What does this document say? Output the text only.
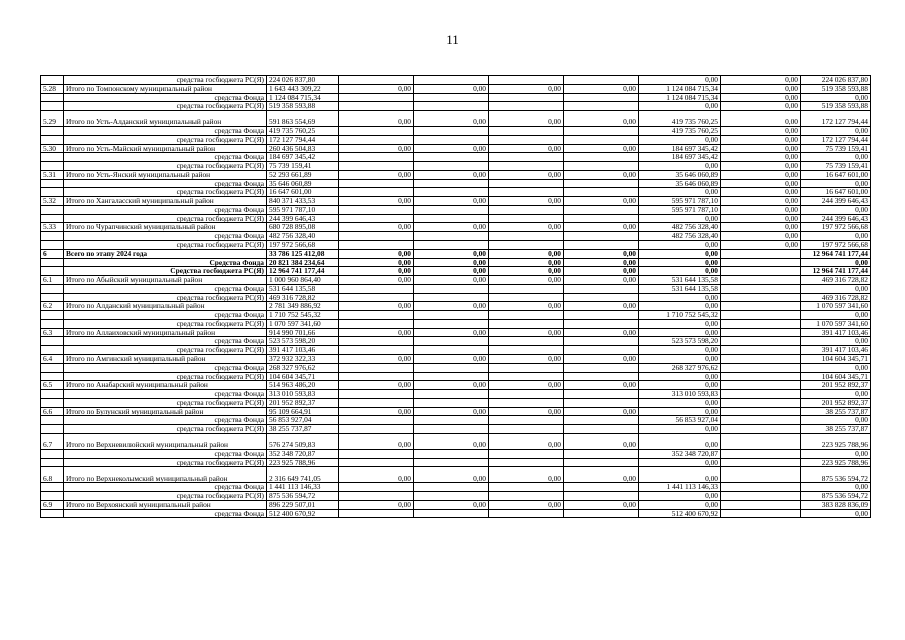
11
	средства госбюджета РС(Я)	224 026 837,80					0,00	0,00	224 026 837,80
5.28	Итого по Томпонскому муниципальный район	1 643 443 309,22	0,00	0,00	0,00	0,00	1 124 084 715,34	0,00	519 358 593,88
	средства Фонда	1 124 084 715,34					1 124 084 715,34	0,00	0,00
	средства госбюджета РС(Я)	519 358 593,88					0,00	0,00	519 358 593,88
5.29	Итого по Усть-Алданский муниципальный район	591 863 554,69	0,00	0,00	0,00	0,00	419 735 760,25	0,00	172 127 794,44
	средства Фонда	419 735 760,25					419 735 760,25	0,00	0,00
	средства госбюджета РС(Я)	172 127 794,44					0,00	0,00	172 127 794,44
5.30	Итого по Усть-Майский муниципальный район	260 436 504,83	0,00	0,00	0,00	0,00	184 697 345,42	0,00	75 739 159,41
	средства Фонда	184 697 345,42					184 697 345,42	0,00	0,00
	средства госбюджета РС(Я)	75 739 159,41					0,00	0,00	75 739 159,41
5.31	Итого по Усть-Янский муниципальный район	52 293 661,89	0,00	0,00	0,00	0,00	35 646 060,89	0,00	16 647 601,00
	средства Фонда	35 646 060,89					35 646 060,89	0,00	0,00
	средства госбюджета РС(Я)	16 647 601,00					0,00	0,00	16 647 601,00
5.32	Итого по Хангаласский муниципальный район	840 371 433,53	0,00	0,00	0,00	0,00	595 971 787,10	0,00	244 399 646,43
	средства Фонда	595 971 787,10					595 971 787,10	0,00	0,00
	средства госбюджета РС(Я)	244 399 646,43					0,00	0,00	244 399 646,43
5.33	Итого по Чурапчинский муниципальный район	680 728 895,08	0,00	0,00	0,00	0,00	482 756 328,40	0,00	197 972 566,68
	средства Фонда	482 756 328,40					482 756 328,40	0,00	0,00
	средства госбюджета РС(Я)	197 972 566,68					0,00	0,00	197 972 566,68
6	Всего по этапу 2024 года	33 786 125 412,08	0,00	0,00	0,00	0,00	0,00		12 964 741 177,44
	Средства Фонда	20 821 384 234,64	0,00	0,00	0,00	0,00	0,00		0,00
	Средства госбюджета РС(Я)	12 964 741 177,44	0,00	0,00	0,00	0,00	0,00		12 964 741 177,44
6.1	Итого по Абыйский муниципальный район	1 000 960 864,40	0,00	0,00	0,00	0,00	531 644 135,58		469 316 728,82
	средства Фонда	531 644 135,58					531 644 135,58		0,00
	средства госбюджета РС(Я)	469 316 728,82					0,00		469 316 728,82
6.2	Итого по Алданский муниципальный район	2 781 349 886,92	0,00	0,00	0,00	0,00	0,00		1 070 597 341,60
	средства Фонда	1 710 752 545,32					1 710 752 545,32		0,00
	средства госбюджета РС(Я)	1 070 597 341,60					0,00		1 070 597 341,60
6.3	Итого по Аллаиховский муниципальный район	914 990 701,66	0,00	0,00	0,00	0,00	0,00		391 417 103,46
	средства Фонда	523 573 598,20					523 573 598,20		0,00
	средства госбюджета РС(Я)	391 417 103,46					0,00		391 417 103,46
6.4	Итого по Амгинский муниципальный район	372 932 322,33	0,00	0,00	0,00	0,00	0,00		104 604 345,71
	средства Фонда	268 327 976,62					268 327 976,62		0,00
	средства госбюджета РС(Я)	104 604 345,71					0,00		104 604 345,71
6.5	Итого по Анабарский муниципальный район	514 963 486,20	0,00	0,00	0,00	0,00	0,00		201 952 892,37
	средства Фонда	313 010 593,83					313 010 593,83		0,00
	средства госбюджета РС(Я)	201 952 892,37					0,00		201 952 892,37
6.6	Итого по Булунский муниципальный район	95 109 664,91	0,00	0,00	0,00	0,00	0,00		38 255 737,87
	средства Фонда	56 853 927,04					56 853 927,04		0,00
	средства госбюджета РС(Я)	38 255 737,87					0,00		38 255 737,87
6.7	Итого по Верхневилюйский муниципальный район	576 274 509,83	0,00	0,00	0,00	0,00	0,00		223 925 788,96
	средства Фонда	352 348 720,87					352 348 720,87		0,00
	средства госбюджета РС(Я)	223 925 788,96					0,00		223 925 788,96
6.8	Итого по Верхнеколымский муниципальный район	2 316 649 741,05	0,00	0,00	0,00	0,00	0,00		875 536 594,72
	средства Фонда	1 441 113 146,33					1 441 113 146,33		0,00
	средства госбюджета РС(Я)	875 536 594,72					0,00		875 536 594,72
6.9	Итого по Верхоянский муниципальный район	896 229 507,01	0,00	0,00	0,00	0,00	0,00		383 828 836,09
	средства Фонда	512 400 670,92					512 400 670,92		0,00
